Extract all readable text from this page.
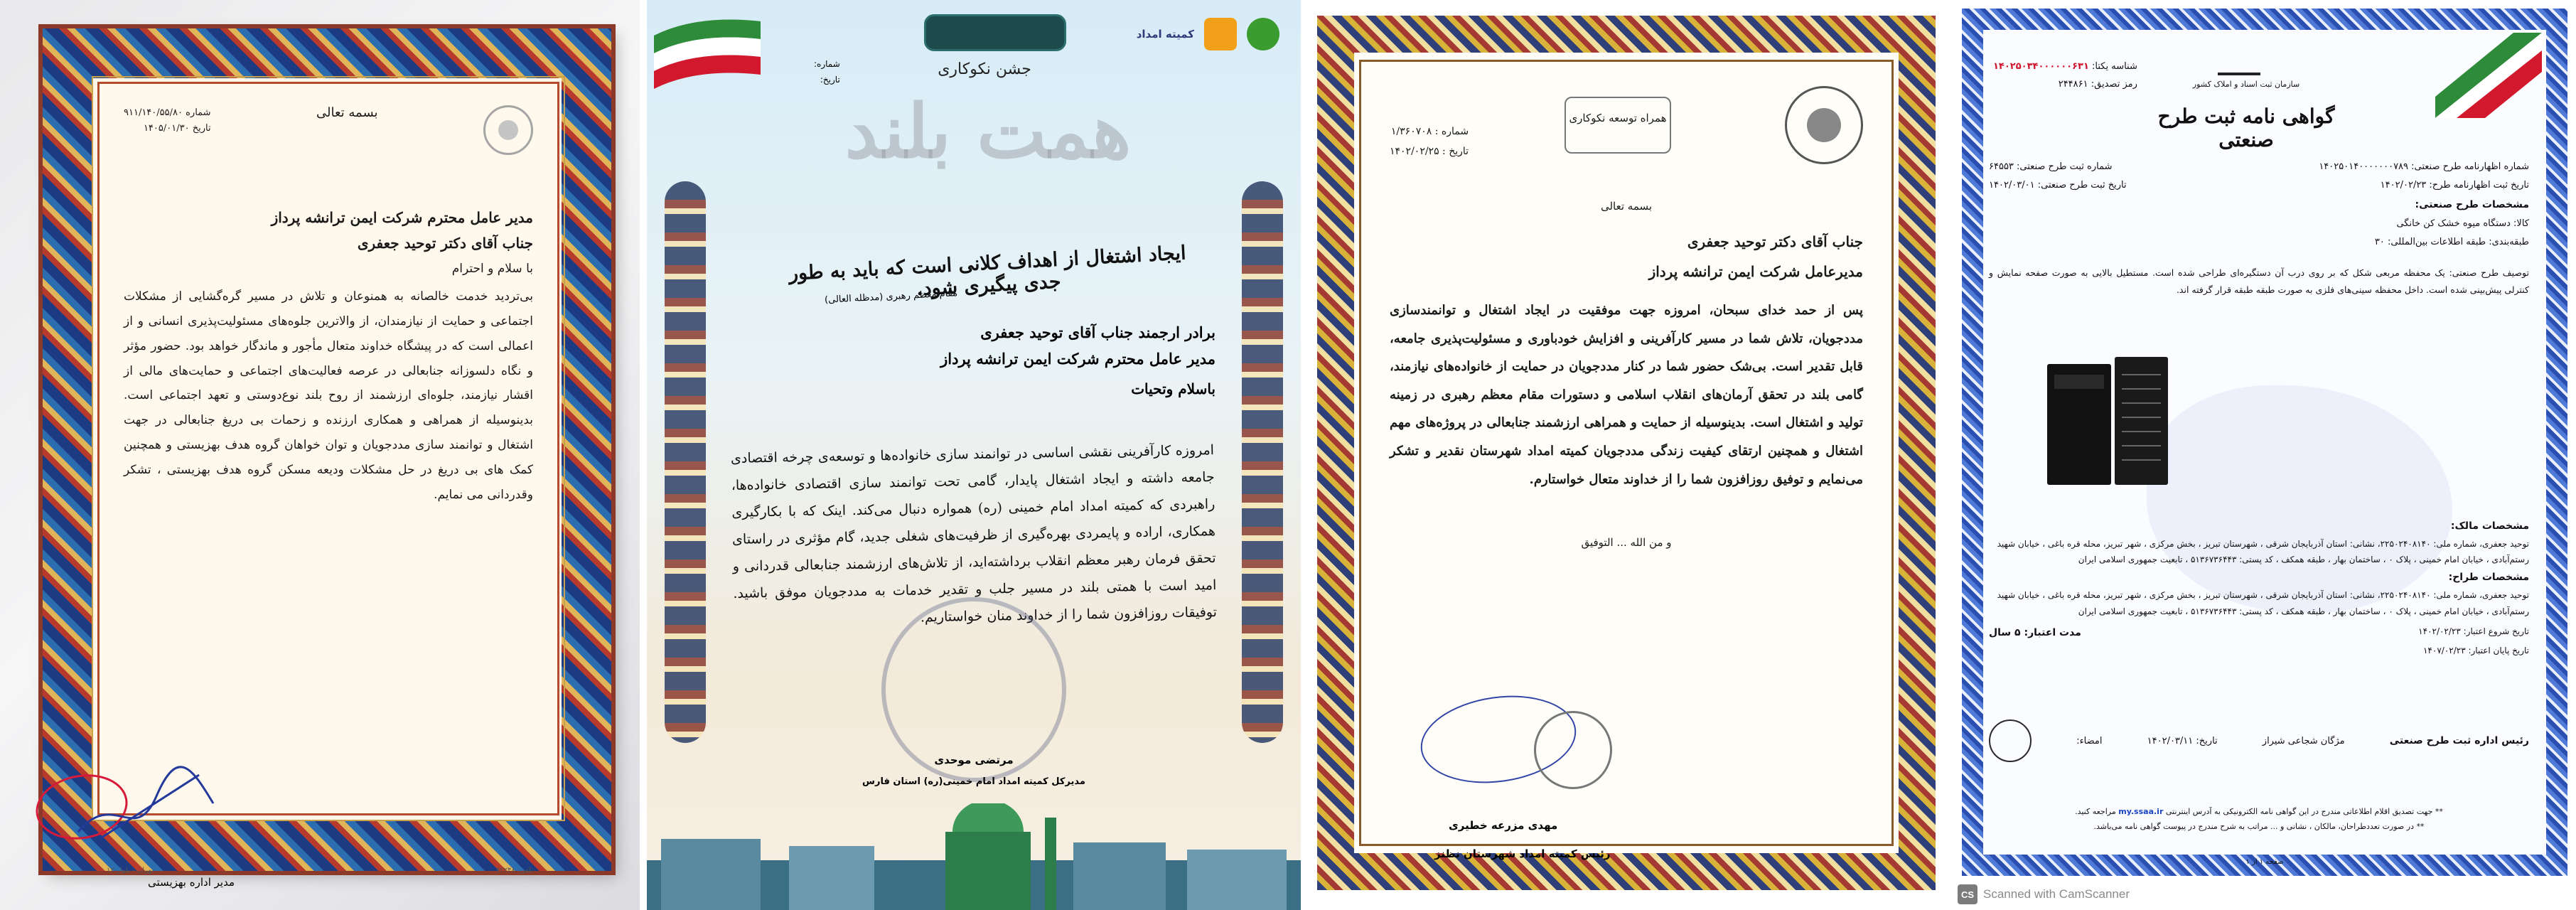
بسمه تعالی
شماره ۹۱۱/۱۴۰/۵۵/۸۰
تاریخ ۱۴۰۵/۰۱/۳۰
مدیر عامل محترم شرکت ایمن ترانشه پرداز
جناب آقای دکتر توحید جعفری
با سلام و احترام
بی‌تردید خدمت خالصانه به همنوعان و تلاش در مسیر گره‌گشایی از مشکلات اجتماعی و حمایت از نیازمندان، از والاترین جلوه‌های مسئولیت‌پذیری انسانی و از اعمالی است که در پیشگاه خداوند متعال مأجور و ماندگار خواهد بود. حضور مؤثر و نگاه دلسوزانه جنابعالی در عرصه فعالیت‌های اجتماعی و حمایت‌های مالی از اقشار نیازمند، جلوه‌ای ارزشمند از روح بلند نوع‌دوستی و تعهد اجتماعی است. بدینوسیله از همراهی و همکاری ارزنده و زحمات بی دریغ جنابعالی در جهت اشتغال و توانمند سازی مددجویان و توان خواهان گروه هدف بهزیستی و همچنین کمک های بی دریغ در حل مشکلات ودیعه مسکن گروه هدف بهزیستی ، تشکر وقدردانی می نمایم.
مدیر اداره بهزیستی
تلفن: ۴۲۲۴۸
تهران - بلوار ۱۲
کمیته امداد
شماره:
تاریخ:
جشن نکوکاری
همت بلند
ایجاد اشتغال از اهداف کلانی است که باید به طور جدی پیگیری شود.
مقام معظم رهبری (مدظله العالی)
برادر ارجمند جناب آقای توحید جعفری
مدیر عامل محترم شرکت ایمن ترانشه پرداز
باسلام وتحیات
امروزه کارآفرینی نقشی اساسی در توانمند سازی خانواده‌ها و توسعه‌ی چرخه اقتصادی جامعه داشته و ایجاد اشتغال پایدار، گامی تحت توانمند سازی اقتصادی خانواده‌ها، راهبردی که کمیته امداد امام خمینی (ره) همواره دنبال می‌کند. اینک که با بکارگیری همکاری، اراده و پایمردی بهره‌گیری از ظرفیت‌های شغلی جدید، گام مؤثری در راستای تحقق فرمان رهبر معظم انقلاب برداشته‌اید، از تلاش‌های ارزشمند جنابعالی قدردانی و امید است با همتی بلند در مسیر جلب و تقدیر خدمات به مددجویان موفق باشید. توفیقات روزافزون شما را از خداوند منان خواستاریم.
مرتضی موحدی
مدیرکل کمیته امداد امام خمینی(ره) استان فارس
همراه توسعه نکوکاری
شماره : ۱/۳۶۰۷۰۸
تاریخ : ۱۴۰۲/۰۲/۲۵
بسمه تعالی
جناب آقای دکتر توحید جعفری
مدیرعامل شرکت ایمن ترانشه پرداز
پس از حمد خدای سبحان، امروزه جهت موفقیت در ایجاد اشتغال و توانمندسازی مددجویان، تلاش شما در مسیر کارآفرینی و افزایش خودباوری و مسئولیت‌پذیری جامعه، قابل تقدیر است. بی‌شک حضور شما در کنار مددجویان در حمایت از خانواده‌های نیازمند، گامی بلند در تحقق آرمان‌های انقلاب اسلامی و دستورات مقام معظم رهبری در زمینه تولید و اشتغال است. بدینوسیله از حمایت و همراهی ارزشمند جنابعالی در پروژه‌های مهم اشتغال و همچنین ارتقای کیفیت زندگی مددجویان کمیته امداد شهرستان نقدیر و تشکر می‌نمایم و توفیق روزافزون شما را از خداوند متعال خواستارم.
و من الله ... التوفیق
مهدی مزرعه خطیری
رئیس کمیته امداد شهرستان نظنز
سازمان ثبت اسناد و املاک کشور
گواهی نامه ثبت طرح صنعتی
شناسه یکتا: ۱۴۰۲۵۰۳۴۰۰۰۰۰۰۶۳۱
رمز تصدیق: ۲۴۴۸۶۱
شماره اظهارنامه طرح صنعتی: ۱۴۰۲۵۰۱۴۰۰۰۰۰۰۰۷۸۹
شماره ثبت طرح صنعتی: ۶۴۵۵۳
تاریخ ثبت اظهارنامه طرح: ۱۴۰۲/۰۲/۲۳
تاریخ ثبت طرح صنعتی: ۱۴۰۲/۰۳/۰۱
مشخصات طرح صنعتی:
کالا: دستگاه میوه خشک کن خانگی
طبقه‌بندی: طبقه اطلاعات بین‌المللی: ۳۰
توصیف طرح صنعتی: یک محفظه مربعی شکل که بر روی درب آن دستگیره‌ای طراحی شده است. مستطیل بالایی به صورت صفحه نمایش و کنترلی پیش‌بینی شده است. داخل محفظه سینی‌های فلزی به صورت طبقه طبقه قرار گرفته اند.
مشخصات مالک:
توحید جعفری، شماره ملی: ۲۲۵۰۲۴۰۸۱۴۰، نشانی: استان آذربایجان شرقی ، شهرستان تبریز ، بخش مرکزی ، شهر تبریز، محله قره باغی ، خیابان شهید رستم‌آبادی ، خیابان امام خمینی ، پلاک ۰ ، ساختمان بهار ، طبقه همکف ، کد پستی: ۵۱۳۶۷۳۶۴۴۳ ، تابعیت جمهوری اسلامی ایران
مشخصات طراح:
توحید جعفری، شماره ملی: ۲۲۵۰۲۴۰۸۱۴۰، نشانی: استان آذربایجان شرقی ، شهرستان تبریز ، بخش مرکزی ، شهر تبریز، محله قره باغی ، خیابان شهید رستم‌آبادی ، خیابان امام خمینی ، پلاک ۰ ، ساختمان بهار ، طبقه همکف ، کد پستی: ۵۱۳۶۷۳۶۴۴۳ ، تابعیت جمهوری اسلامی ایران
تاریخ شروع اعتبار: ۱۴۰۲/۰۲/۲۳
مدت اعتبار: ۵ سال
تاریخ پایان اعتبار: ۱۴۰۷/۰۲/۲۳
رئیس اداره ثبت طرح صنعتی
مژگان شجاعی شیراز
تاریخ: ۱۴۰۲/۰۳/۱۱
امضاء:
** جهت تصدیق اقلام اطلاعاتی مندرج در این گواهی نامه الکترونیکی به آدرس اینترنتی my.ssaa.ir مراجعه کنید.
** در صورت تعددطراحان، مالکان ، نشانی و ... مراتب به شرح مندرج در پیوست گواهی نامه می‌باشد.
صفحه ۱ از ۱
CS Scanned with CamScanner
